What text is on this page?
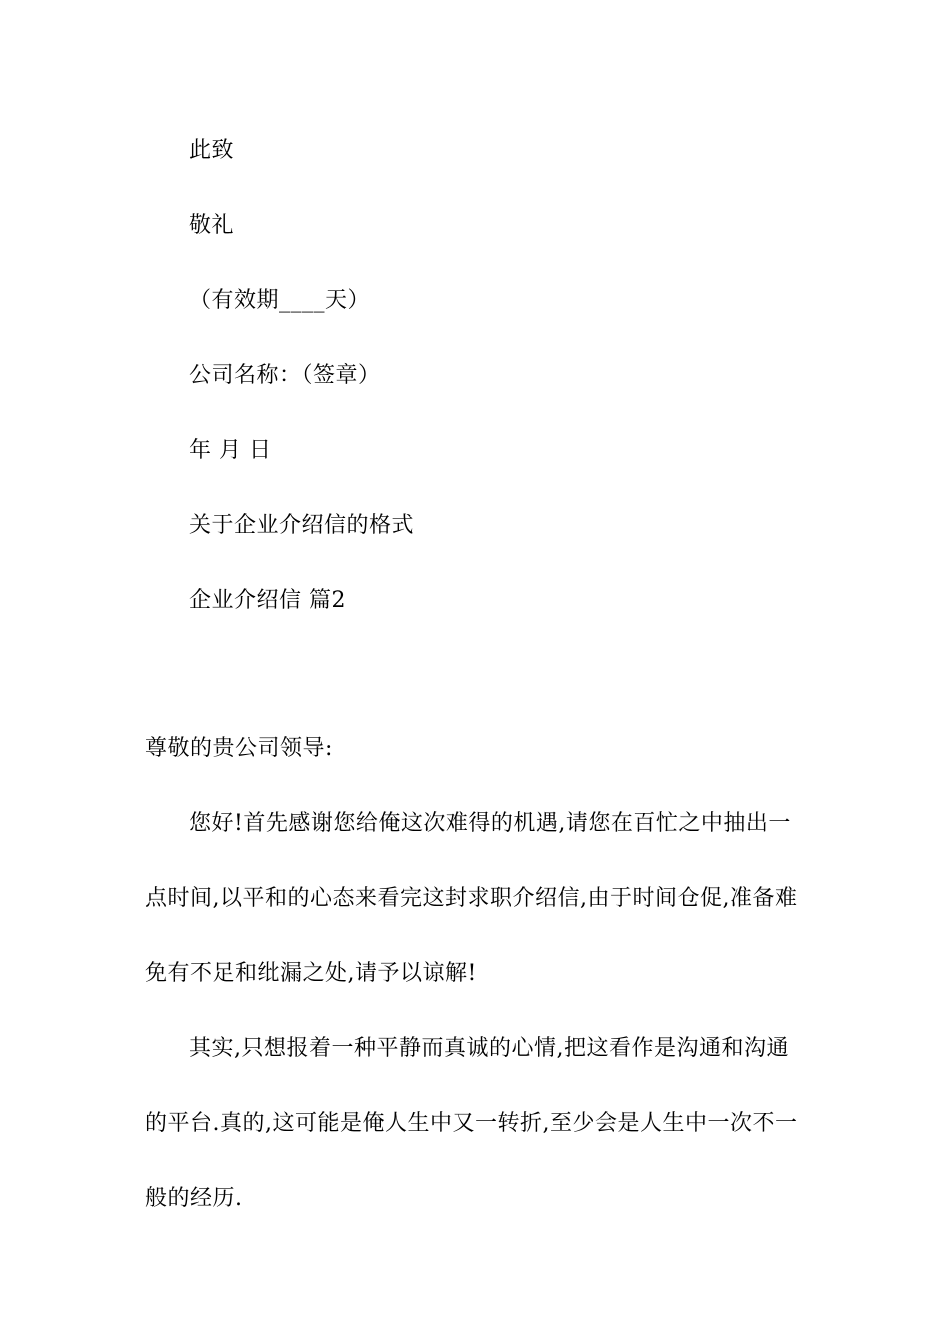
此致
敬礼
（有效期____天）
公司名称：（签章）
年 月 日
关于企业介绍信的格式
企业介绍信 篇2
尊敬的贵公司领导:
您好!首先感谢您给俺这次难得的机遇,请您在百忙之中抽出一
点时间,以平和的心态来看完这封求职介绍信,由于时间仓促,准备难
免有不足和纰漏之处,请予以谅解!
其实,只想报着一种平静而真诚的心情,把这看作是沟通和沟通
的平台.真的,这可能是俺人生中又一转折,至少会是人生中一次不一
般的经历.
